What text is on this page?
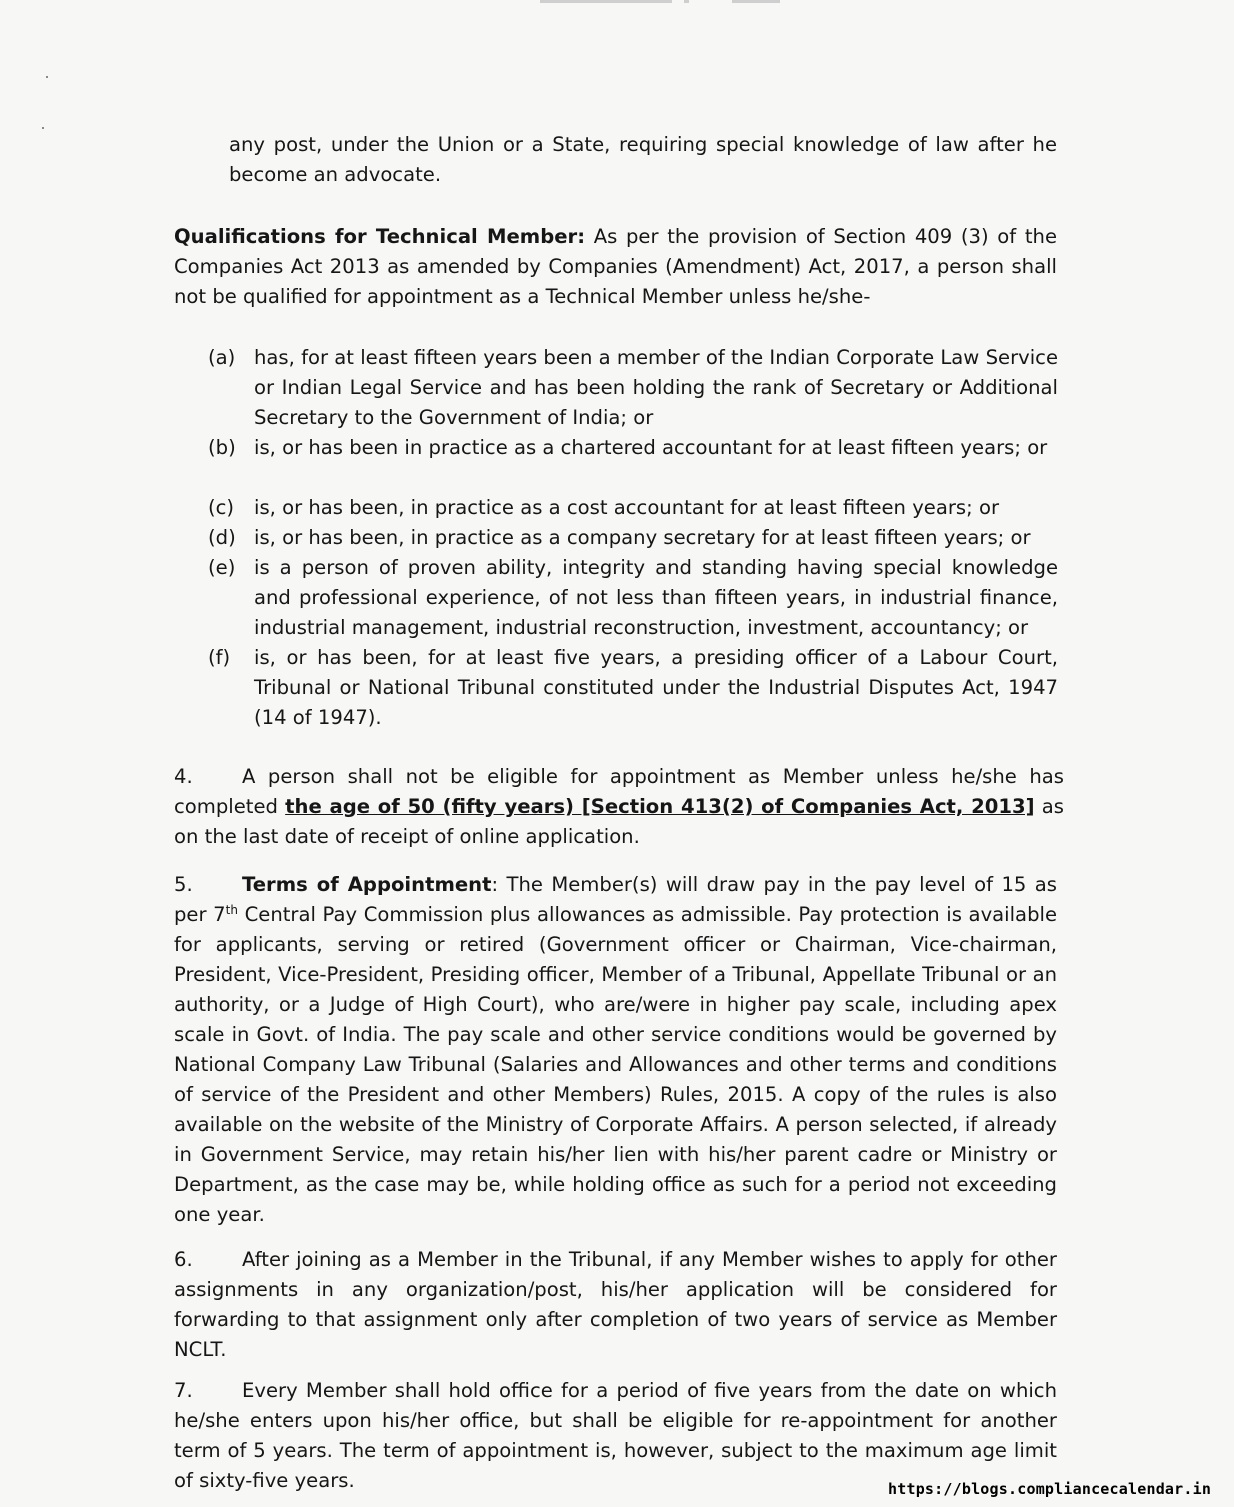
any post, under the Union or a State, requiring special knowledge of law after he become an advocate.

Qualifications for Technical Member: As per the provision of Section 409 (3) of the Companies Act 2013 as amended by Companies (Amendment) Act, 2017, a person shall not be qualified for appointment as a Technical Member unless he/she-

(a) has, for at least fifteen years been a member of the Indian Corporate Law Service or Indian Legal Service and has been holding the rank of Secretary or Additional Secretary to the Government of India; or
(b) is, or has been in practice as a chartered accountant for at least fifteen years; or
(c) is, or has been, in practice as a cost accountant for at least fifteen years; or
(d) is, or has been, in practice as a company secretary for at least fifteen years; or
(e) is a person of proven ability, integrity and standing having special knowledge and professional experience, of not less than fifteen years, in industrial finance, industrial management, industrial reconstruction, investment, accountancy; or
(f) is, or has been, for at least five years, a presiding officer of a Labour Court, Tribunal or National Tribunal constituted under the Industrial Disputes Act, 1947 (14 of 1947).

4.	A person shall not be eligible for appointment as Member unless he/she has completed the age of 50 (fifty years) [Section 413(2) of Companies Act, 2013] as on the last date of receipt of online application.

5.	Terms of Appointment: The Member(s) will draw pay in the pay level of 15 as per 7th Central Pay Commission plus allowances as admissible. Pay protection is available for applicants, serving or retired (Government officer or Chairman, Vice-chairman, President, Vice-President, Presiding officer, Member of a Tribunal, Appellate Tribunal or an authority, or a Judge of High Court), who are/were in higher pay scale, including apex scale in Govt. of India. The pay scale and other service conditions would be governed by National Company Law Tribunal (Salaries and Allowances and other terms and conditions of service of the President and other Members) Rules, 2015. A copy of the rules is also available on the website of the Ministry of Corporate Affairs. A person selected, if already in Government Service, may retain his/her lien with his/her parent cadre or Ministry or Department, as the case may be, while holding office as such for a period not exceeding one year.

6.	After joining as a Member in the Tribunal, if any Member wishes to apply for other assignments in any organization/post, his/her application will be considered for forwarding to that assignment only after completion of two years of service as Member NCLT.

7.	Every Member shall hold office for a period of five years from the date on which he/she enters upon his/her office, but shall be eligible for re-appointment for another term of 5 years. The term of appointment is, however, subject to the maximum age limit of sixty-five years.	https://blogs.compliancecalendar.in
